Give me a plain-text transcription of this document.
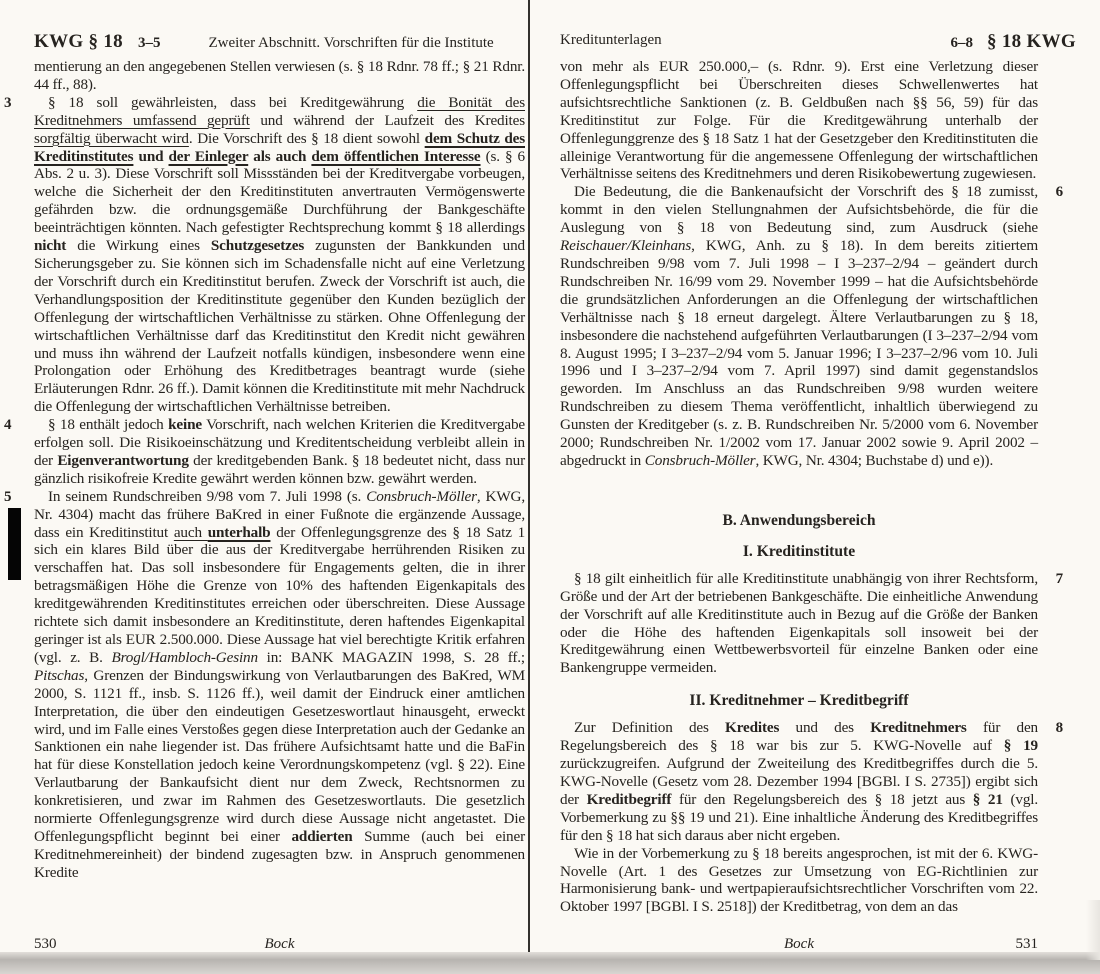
KWG § 18 3–5	Zweiter Abschnitt. Vorschriften für die Institute
mentierung an den angegebenen Stellen verwiesen (s. § 18 Rdnr. 78 ff.; § 21 Rdnr. 44 ff., 88).
3 § 18 soll gewährleisten, dass bei Kreditgewährung die Bonität des Kreditnehmers umfassend geprüft und während der Laufzeit des Kredites sorgfältig überwacht wird. Die Vorschrift des § 18 dient sowohl dem Schutz des Kreditinstitutes und der Einleger als auch dem öffentlichen Interesse (s. § 6 Abs. 2 u. 3). Diese Vorschrift soll Missständen bei der Kreditvergabe vorbeugen, welche die Sicherheit der den Kreditinstituten anvertrauten Vermögenswerte gefährden bzw. die ordnungsgemäße Durchführung der Bankgeschäfte beeinträchtigen könnten. Nach gefestigter Rechtsprechung kommt § 18 allerdings nicht die Wirkung eines Schutzgesetzes zugunsten der Bankkunden und Sicherungsgeber zu. Sie können sich im Schadensfalle nicht auf eine Verletzung der Vorschrift durch ein Kreditinstitut berufen. Zweck der Vorschrift ist auch, die Verhandlungsposition der Kreditinstitute gegenüber den Kunden bezüglich der Offenlegung der wirtschaftlichen Verhältnisse zu stärken. Ohne Offenlegung der wirtschaftlichen Verhältnisse darf das Kreditinstitut den Kredit nicht gewähren und muss ihn während der Laufzeit notfalls kündigen, insbesondere wenn eine Prolongation oder Erhöhung des Kreditbetrages beantragt wurde (siehe Erläuterungen Rdnr. 26 ff.). Damit können die Kreditinstitute mit mehr Nachdruck die Offenlegung der wirtschaftlichen Verhältnisse betreiben.
4 § 18 enthält jedoch keine Vorschrift, nach welchen Kriterien die Kreditvergabe erfolgen soll. Die Risikoeinschätzung und Kreditentscheidung verbleibt allein in der Eigenverantwortung der kreditgebenden Bank. § 18 bedeutet nicht, dass nur gänzlich risikofreie Kredite gewährt werden können bzw. gewährt werden.
5 In seinem Rundschreiben 9/98 vom 7. Juli 1998 (s. Consbruch-Möller, KWG, Nr. 4304) macht das frühere BaKred in einer Fußnote die ergänzende Aussage, dass ein Kreditinstitut auch unterhalb der Offenlegungsgrenze des § 18 Satz 1 sich ein klares Bild über die aus der Kreditvergabe herrührenden Risiken zu verschaffen hat. Das soll insbesondere für Engagements gelten, die in ihrer betragsmäßigen Höhe die Grenze von 10% des haftenden Eigenkapitals des kreditgewährenden Kreditinstitutes erreichen oder überschreiten. Diese Aussage richtete sich damit insbesondere an Kreditinstitute, deren haftendes Eigenkapital geringer ist als EUR 2.500.000. Diese Aussage hat viel berechtigte Kritik erfahren (vgl. z. B. Brogl/Hambloch-Gesinn in: BANK MAGAZIN 1998, S. 28 ff.; Pitschas, Grenzen der Bindungswirkung von Verlautbarungen des BaKred, WM 2000, S. 1121 ff., insb. S. 1126 ff.), weil damit der Eindruck einer amtlichen Interpretation, die über den eindeutigen Gesetzeswortlaut hinausgeht, erweckt wird, und im Falle eines Verstoßes gegen diese Interpretation auch der Gedanke an Sanktionen ein nahe liegender ist. Das frühere Aufsichtsamt hatte und die BaFin hat für diese Konstellation jedoch keine Verordnungskompetenz (vgl. § 22). Eine Verlautbarung der Bankaufsicht dient nur dem Zweck, Rechtsnormen zu konkretisieren, und zwar im Rahmen des Gesetzeswortlauts. Die gesetzlich normierte Offenlegungsgrenze wird durch diese Aussage nicht angetastet. Die Offenlegungspflicht beginnt bei einer addierten Summe (auch bei einer Kreditnehmereinheit) der bindend zugesagten bzw. in Anspruch genommenen Kredite
530	Bock
Kreditunterlagen	6–8 § 18 KWG
von mehr als EUR 250.000,– (s. Rdnr. 9). Erst eine Verletzung dieser Offenlegungspflicht bei Überschreiten dieses Schwellenwertes hat aufsichtsrechtliche Sanktionen (z. B. Geldbußen nach §§ 56, 59) für das Kreditinstitut zur Folge. Für die Kreditgewährung unterhalb der Offenlegunggrenze des § 18 Satz 1 hat der Gesetzgeber den Kreditinstituten die alleinige Verantwortung für die angemessene Offenlegung der wirtschaftlichen Verhältnisse seitens des Kreditnehmers und deren Risikobewertung zugewiesen.
6
Die Bedeutung, die die Bankenaufsicht der Vorschrift des § 18 zumisst, kommt in den vielen Stellungnahmen der Aufsichtsbehörde, die für die Auslegung von § 18 von Bedeutung sind, zum Ausdruck (siehe Reischauer/Kleinhans, KWG, Anh. zu § 18). In dem bereits zitiertem Rundschreiben 9/98 vom 7. Juli 1998 – I 3–237–2/94 – geändert durch Rundschreiben Nr. 16/99 vom 29. November 1999 – hat die Aufsichtsbehörde die grundsätzlichen Anforderungen an die Offenlegung der wirtschaftlichen Verhältnisse nach § 18 erneut dargelegt. Ältere Verlautbarungen zu § 18, insbesondere die nachstehend aufgeführten Verlautbarungen (I 3–237–2/94 vom 8. August 1995; I 3–237–2/94 vom 5. Januar 1996; I 3–237–2/96 vom 10. Juli 1996 und I 3–237–2/94 vom 7. April 1997) sind damit gegenstandslos geworden. Im Anschluss an das Rundschreiben 9/98 wurden weitere Rundschreiben zu diesem Thema veröffentlicht, inhaltlich überwiegend zu Gunsten der Kreditgeber (s. z. B. Rundschreiben Nr. 5/2000 vom 6. November 2000; Rundschreiben Nr. 1/2002 vom 17. Januar 2002 sowie 9. April 2002 – abgedruckt in Consbruch-Möller, KWG, Nr. 4304; Buchstabe d) und e)).
B. Anwendungsbereich
I. Kreditinstitute
7
§ 18 gilt einheitlich für alle Kreditinstitute unabhängig von ihrer Rechtsform, Größe und der Art der betriebenen Bankgeschäfte. Die einheitliche Anwendung der Vorschrift auf alle Kreditinstitute auch in Bezug auf die Größe der Banken oder die Höhe des haftenden Eigenkapitals soll insoweit bei der Kreditgewährung einen Wettbewerbsvorteil für einzelne Banken oder eine Bankengruppe vermeiden.
II. Kreditnehmer – Kreditbegriff
8
Zur Definition des Kredites und des Kreditnehmers für den Regelungsbereich des § 18 war bis zur 5. KWG-Novelle auf § 19 zurückzugreifen. Aufgrund der Zweiteilung des Kreditbegriffes durch die 5. KWG-Novelle (Gesetz vom 28. Dezember 1994 [BGBl. I S. 2735]) ergibt sich der Kreditbegriff für den Regelungsbereich des § 18 jetzt aus § 21 (vgl. Vorbemerkung zu §§ 19 und 21). Eine inhaltliche Änderung des Kreditbegriffes für den § 18 hat sich daraus aber nicht ergeben.
Wie in der Vorbemerkung zu § 18 bereits angesprochen, ist mit der 6. KWG-Novelle (Art. 1 des Gesetzes zur Umsetzung von EG-Richtlinien zur Harmonisierung bank- und wertpapieraufsichtsrechtlicher Vorschriften vom 22. Oktober 1997 [BGBl. I S. 2518]) der Kreditbetrag, von dem an das
Bock	531
